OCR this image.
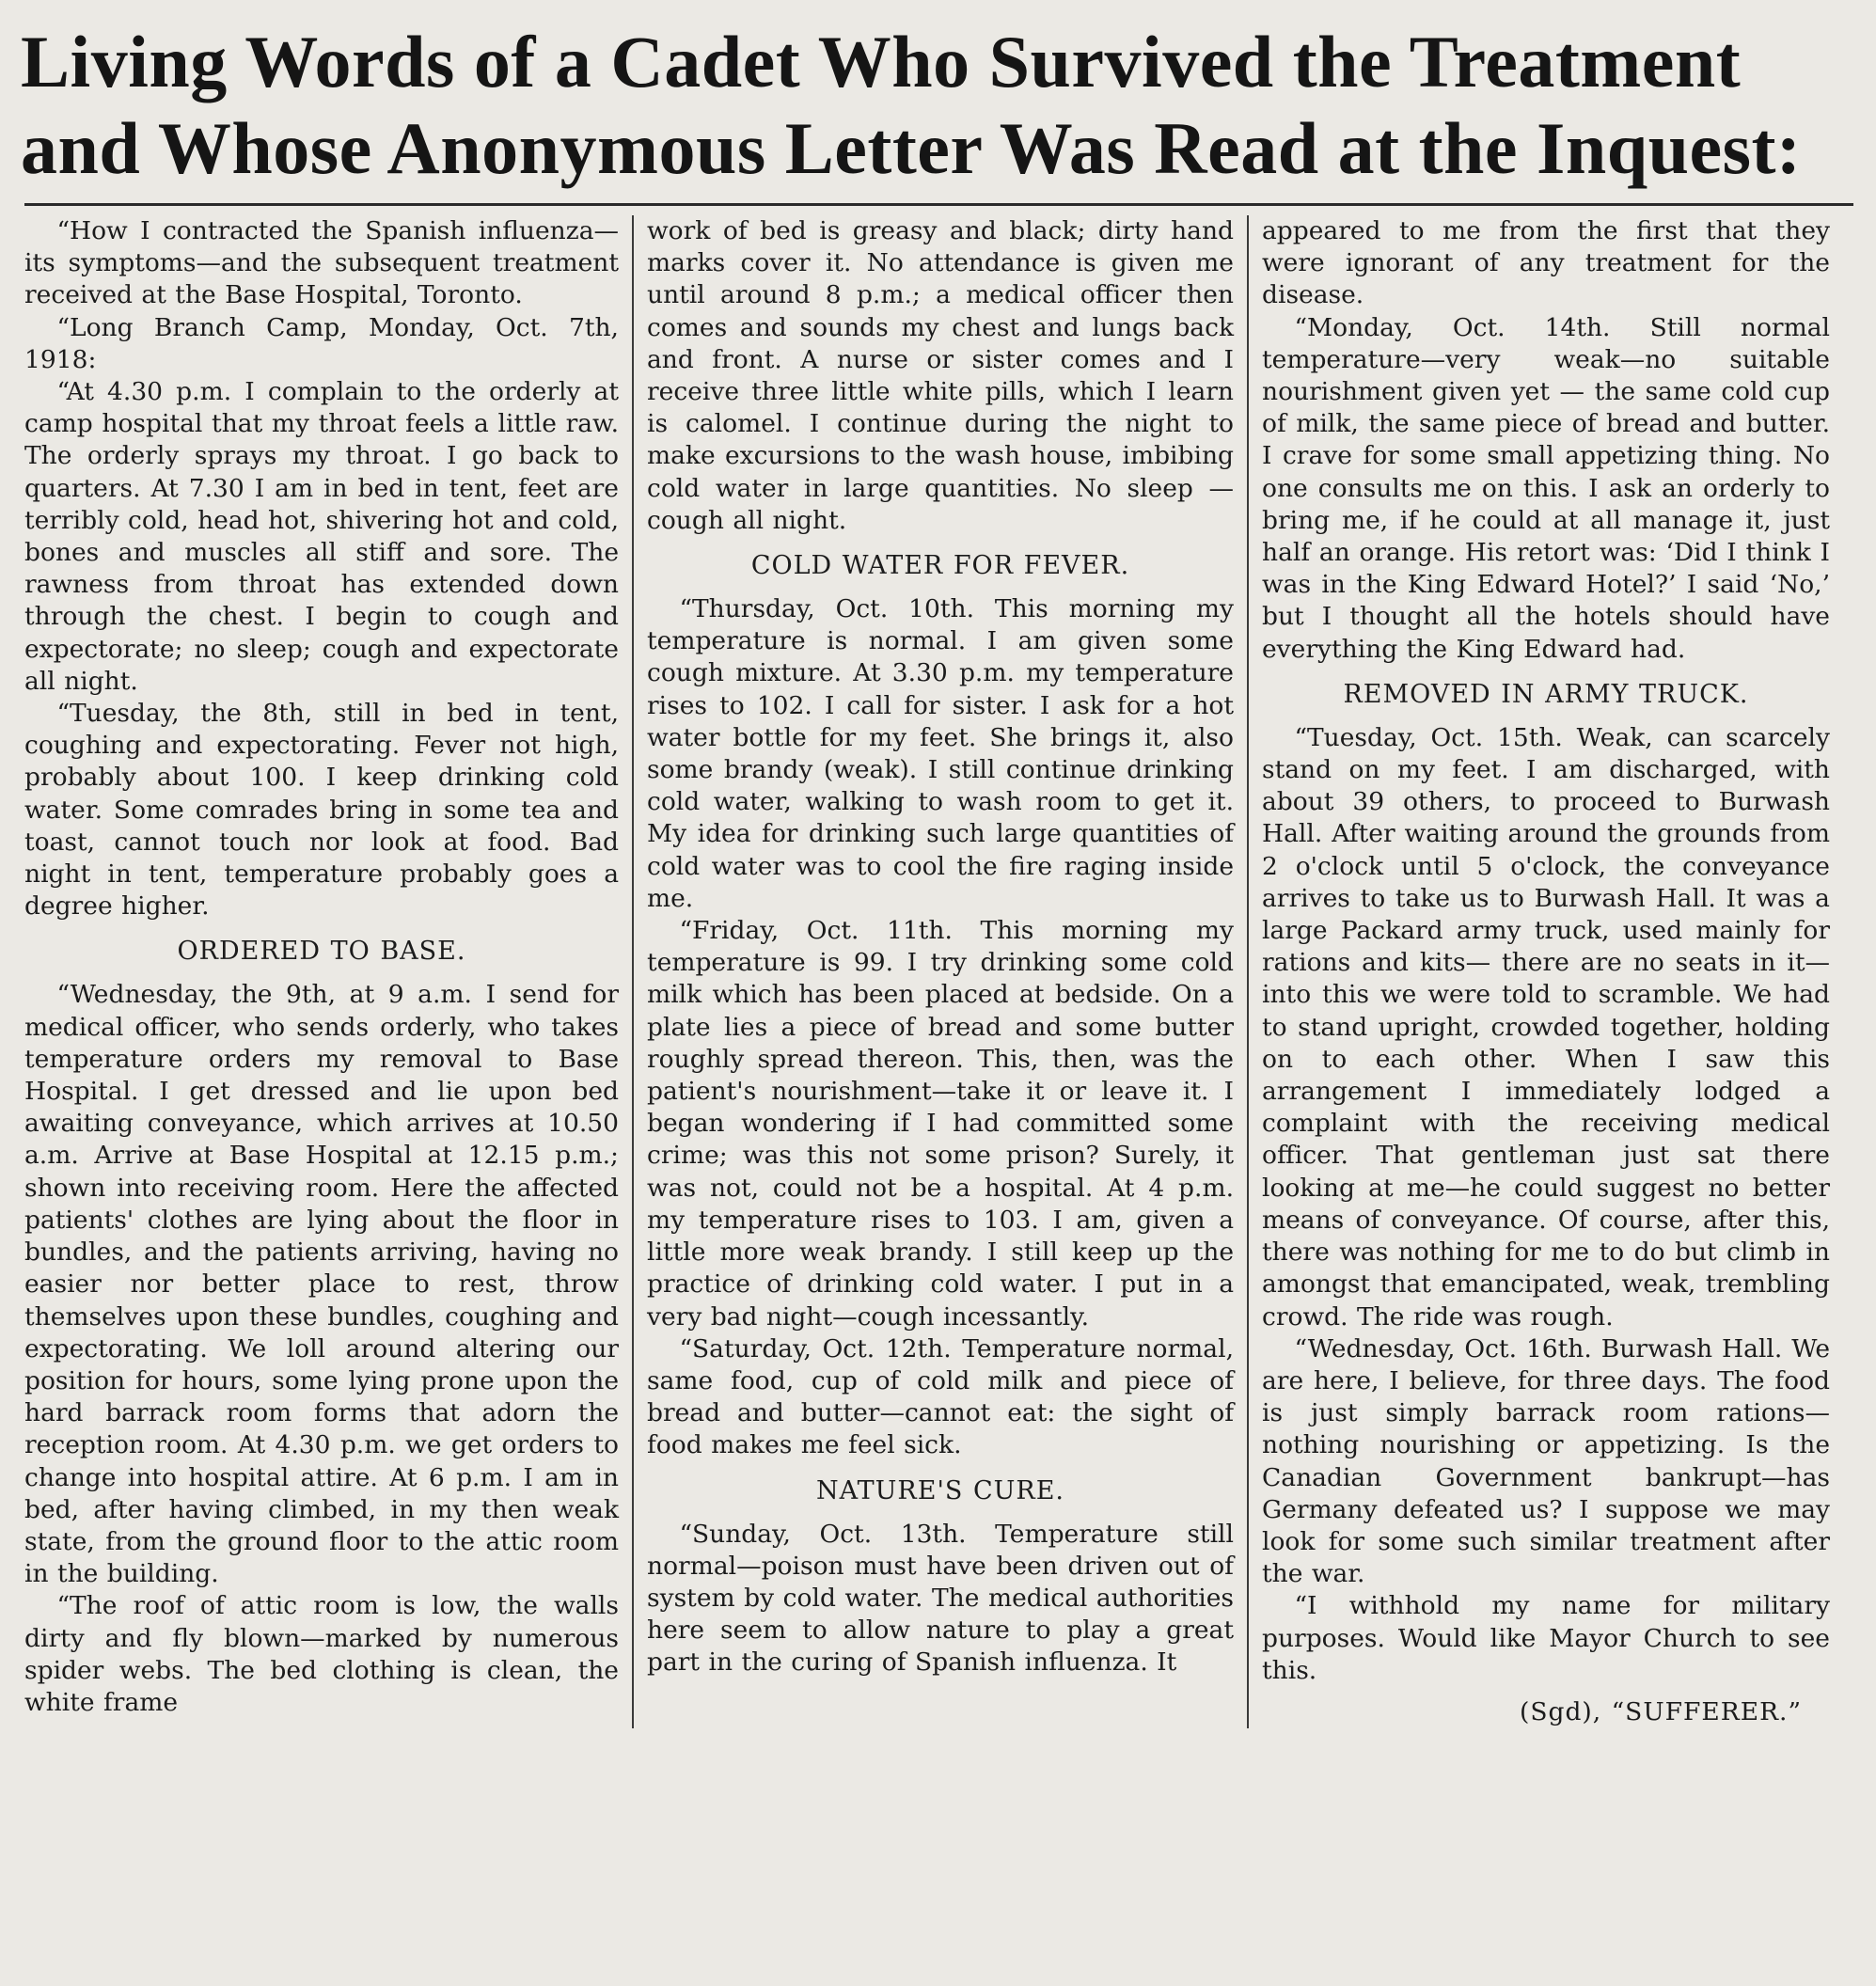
Living Words of a Cadet Who Survived the Treatment
and Whose Anonymous Letter Was Read at the Inquest:

“How I contracted the Spanish influenza—its symptoms—and the subsequent treatment received at the Base Hospital, Toronto.

“Long Branch Camp, Monday, Oct. 7th, 1918:

“At 4.30 p.m. I complain to the orderly at camp hospital that my throat feels a little raw. The orderly sprays my throat. I go back to quarters. At 7.30 I am in bed in tent, feet are terribly cold, head hot, shivering hot and cold, bones and muscles all stiff and sore. The rawness from throat has extended down through the chest. I begin to cough and expectorate; no sleep; cough and expectorate all night.

“Tuesday, the 8th, still in bed in tent, coughing and expectorating. Fever not high, probably about 100. I keep drinking cold water. Some comrades bring in some tea and toast, cannot touch nor look at food. Bad night in tent, temperature probably goes a degree higher.

ORDERED TO BASE.

“Wednesday, the 9th, at 9 a.m. I send for medical officer, who sends orderly, who takes temperature orders my removal to Base Hospital. I get dressed and lie upon bed awaiting conveyance, which arrives at 10.50 a.m. Arrive at Base Hospital at 12.15 p.m.; shown into receiving room. Here the affected patients' clothes are lying about the floor in bundles, and the patients arriving, having no easier nor better place to rest, throw themselves upon these bundles, coughing and expectorating. We loll around altering our position for hours, some lying prone upon the hard barrack room forms that adorn the reception room. At 4.30 p.m. we get orders to change into hospital attire. At 6 p.m. I am in bed, after having climbed, in my then weak state, from the ground floor to the attic room in the building.

“The roof of attic room is low, the walls dirty and fly blown—marked by numerous spider webs. The bed clothing is clean, the white frame

work of bed is greasy and black; dirty hand marks cover it. No attendance is given me until around 8 p.m.; a medical officer then comes and sounds my chest and lungs back and front. A nurse or sister comes and I receive three little white pills, which I learn is calomel. I continue during the night to make excursions to the wash house, imbibing cold water in large quantities. No sleep —cough all night.

COLD WATER FOR FEVER.

“Thursday, Oct. 10th. This morning my temperature is normal. I am given some cough mixture. At 3.30 p.m. my temperature rises to 102. I call for sister. I ask for a hot water bottle for my feet. She brings it, also some brandy (weak). I still continue drinking cold water, walking to wash room to get it. My idea for drinking such large quantities of cold water was to cool the fire raging inside me.

“Friday, Oct. 11th. This morning my temperature is 99. I try drinking some cold milk which has been placed at bedside. On a plate lies a piece of bread and some butter roughly spread thereon. This, then, was the patient's nourishment—take it or leave it. I began wondering if I had committed some crime; was this not some prison? Surely, it was not, could not be a hospital. At 4 p.m. my temperature rises to 103. I am, given a little more weak brandy. I still keep up the practice of drinking cold water. I put in a very bad night—cough incessantly.

“Saturday, Oct. 12th. Temperature normal, same food, cup of cold milk and piece of bread and butter—cannot eat: the sight of food makes me feel sick.

NATURE'S CURE.

“Sunday, Oct. 13th. Temperature still normal—poison must have been driven out of system by cold water. The medical authorities here seem to allow nature to play a great part in the curing of Spanish influenza. It

appeared to me from the first that they were ignorant of any treatment for the disease.

“Monday, Oct. 14th. Still normal temperature—very weak—no suitable nourishment given yet — the same cold cup of milk, the same piece of bread and butter. I crave for some small appetizing thing. No one consults me on this. I ask an orderly to bring me, if he could at all manage it, just half an orange. His retort was: ‘Did I think I was in the King Edward Hotel?’ I said ‘No,’ but I thought all the hotels should have everything the King Edward had.

REMOVED IN ARMY TRUCK.

“Tuesday, Oct. 15th. Weak, can scarcely stand on my feet. I am discharged, with about 39 others, to proceed to Burwash Hall. After waiting around the grounds from 2 o'clock until 5 o'clock, the conveyance arrives to take us to Burwash Hall. It was a large Packard army truck, used mainly for rations and kits— there are no seats in it—into this we were told to scramble. We had to stand upright, crowded together, holding on to each other. When I saw this arrangement I immediately lodged a complaint with the receiving medical officer. That gentleman just sat there looking at me—he could suggest no better means of conveyance. Of course, after this, there was nothing for me to do but climb in amongst that emancipated, weak, trembling crowd. The ride was rough.

“Wednesday, Oct. 16th. Burwash Hall. We are here, I believe, for three days. The food is just simply barrack room rations—nothing nourishing or appetizing. Is the Canadian Government bankrupt—has Germany defeated us? I suppose we may look for some such similar treatment after the war.

“I withhold my name for military purposes. Would like Mayor Church to see this.

(Sgd), “SUFFERER.”
